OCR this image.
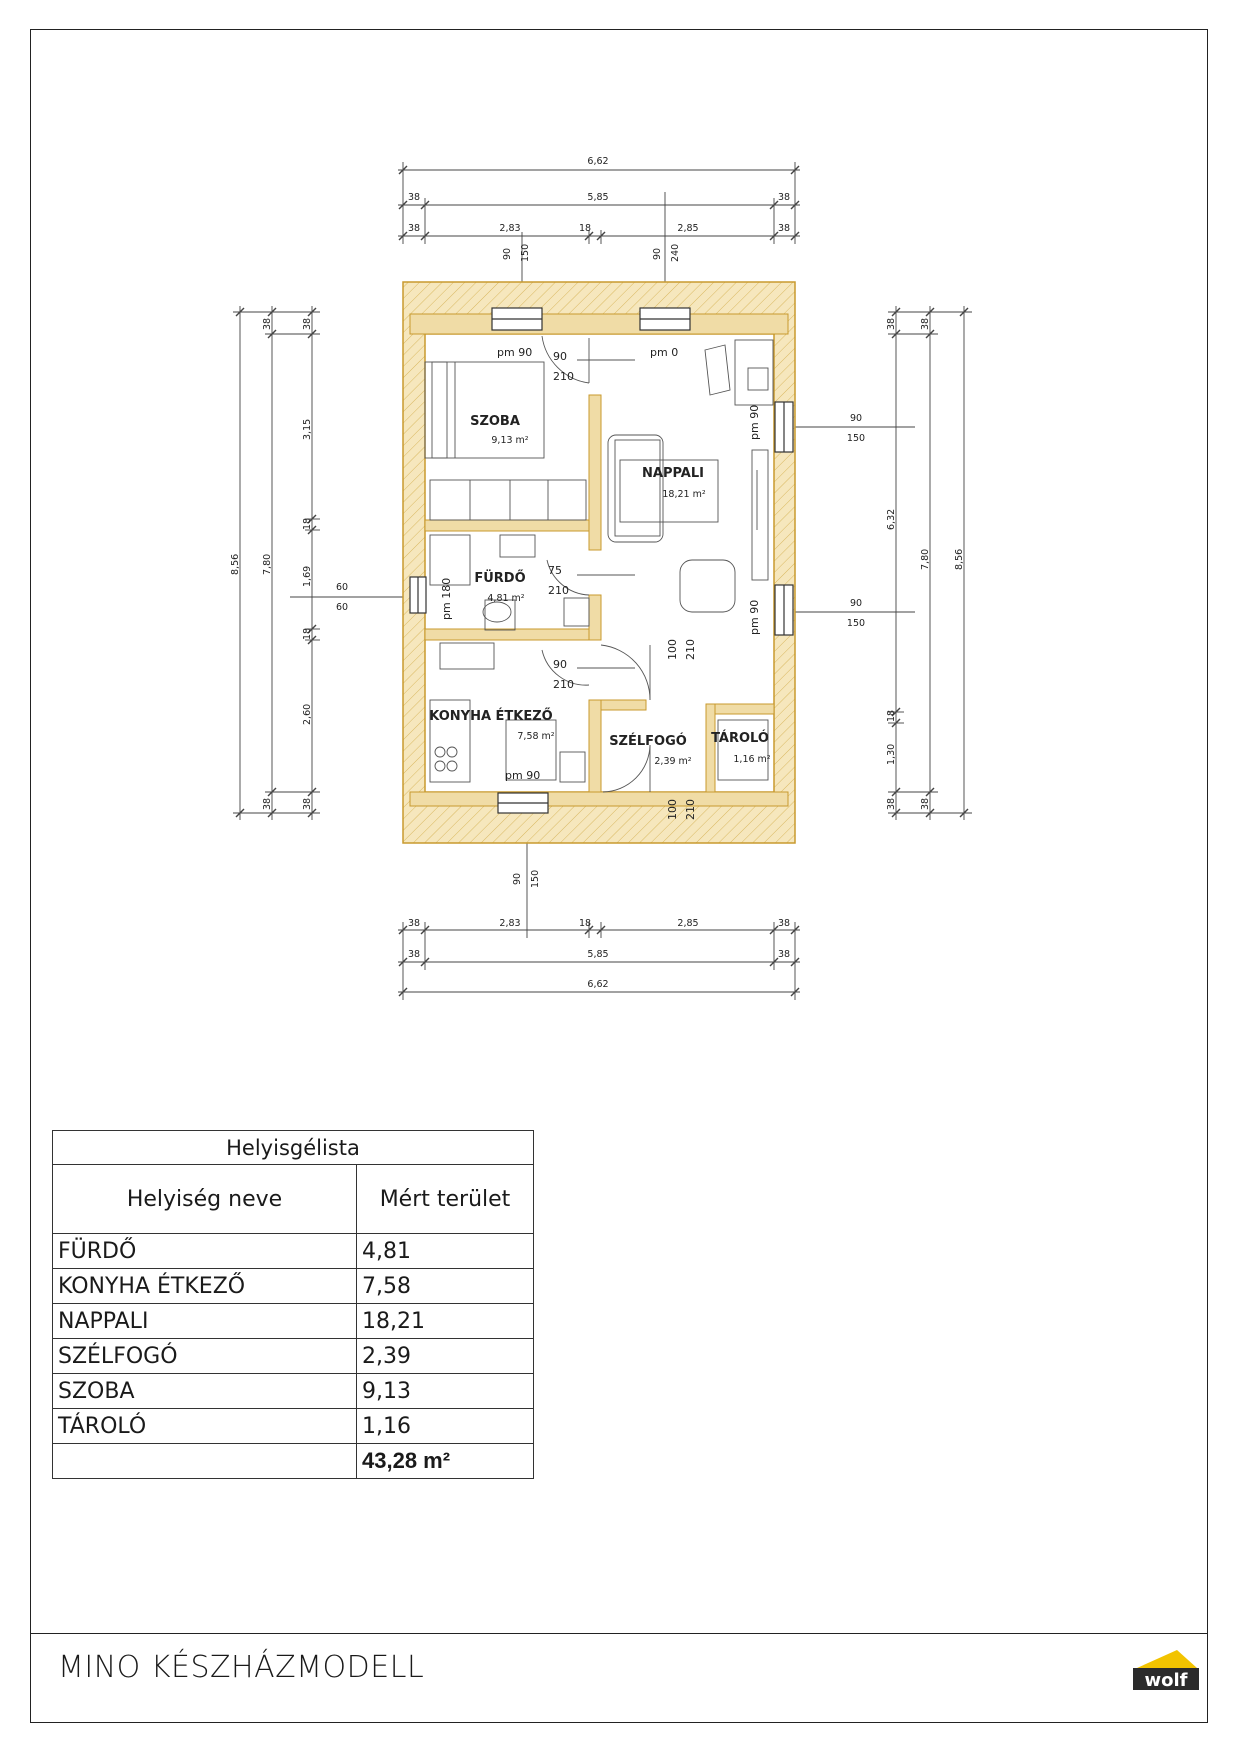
6,62
5,85
38	38
38	2,83	18	2,85	38
90 150	90 240
8,56 7,80
38
38
3,15
18
1,69
18
2,60
38
38
60
60
38 38
6,32
18
1,30
38
7,80
38
8,56
90
150
90
150
38	2,83	18	2,85	38
38	5,85	38
6,62
90 150
SZOBA
9,13 m²
NAPPALI
18,21 m²
FÜRDŐ
4,81 m²
KONYHA ÉTKEZŐ
7,58 m²	SZÉLFOGÓ
2,39 m²
TÁROLÓ
1,16 m²
pm 90 90
210
pm 0
75
210
pm 180
90
210
pm 90
100 210
100 210
pm 90
pm 90
Helyisgélista	
Helyiség neve	Mért terület
FÜRDŐ	4,81
KONYHA ÉTKEZŐ	7,58
NAPPALI	18,21
SZÉLFOGÓ	2,39
SZOBA	9,13
TÁROLÓ	1,16
	43,28 m²
MINO KÉSZHÁZMODELL	wolf
